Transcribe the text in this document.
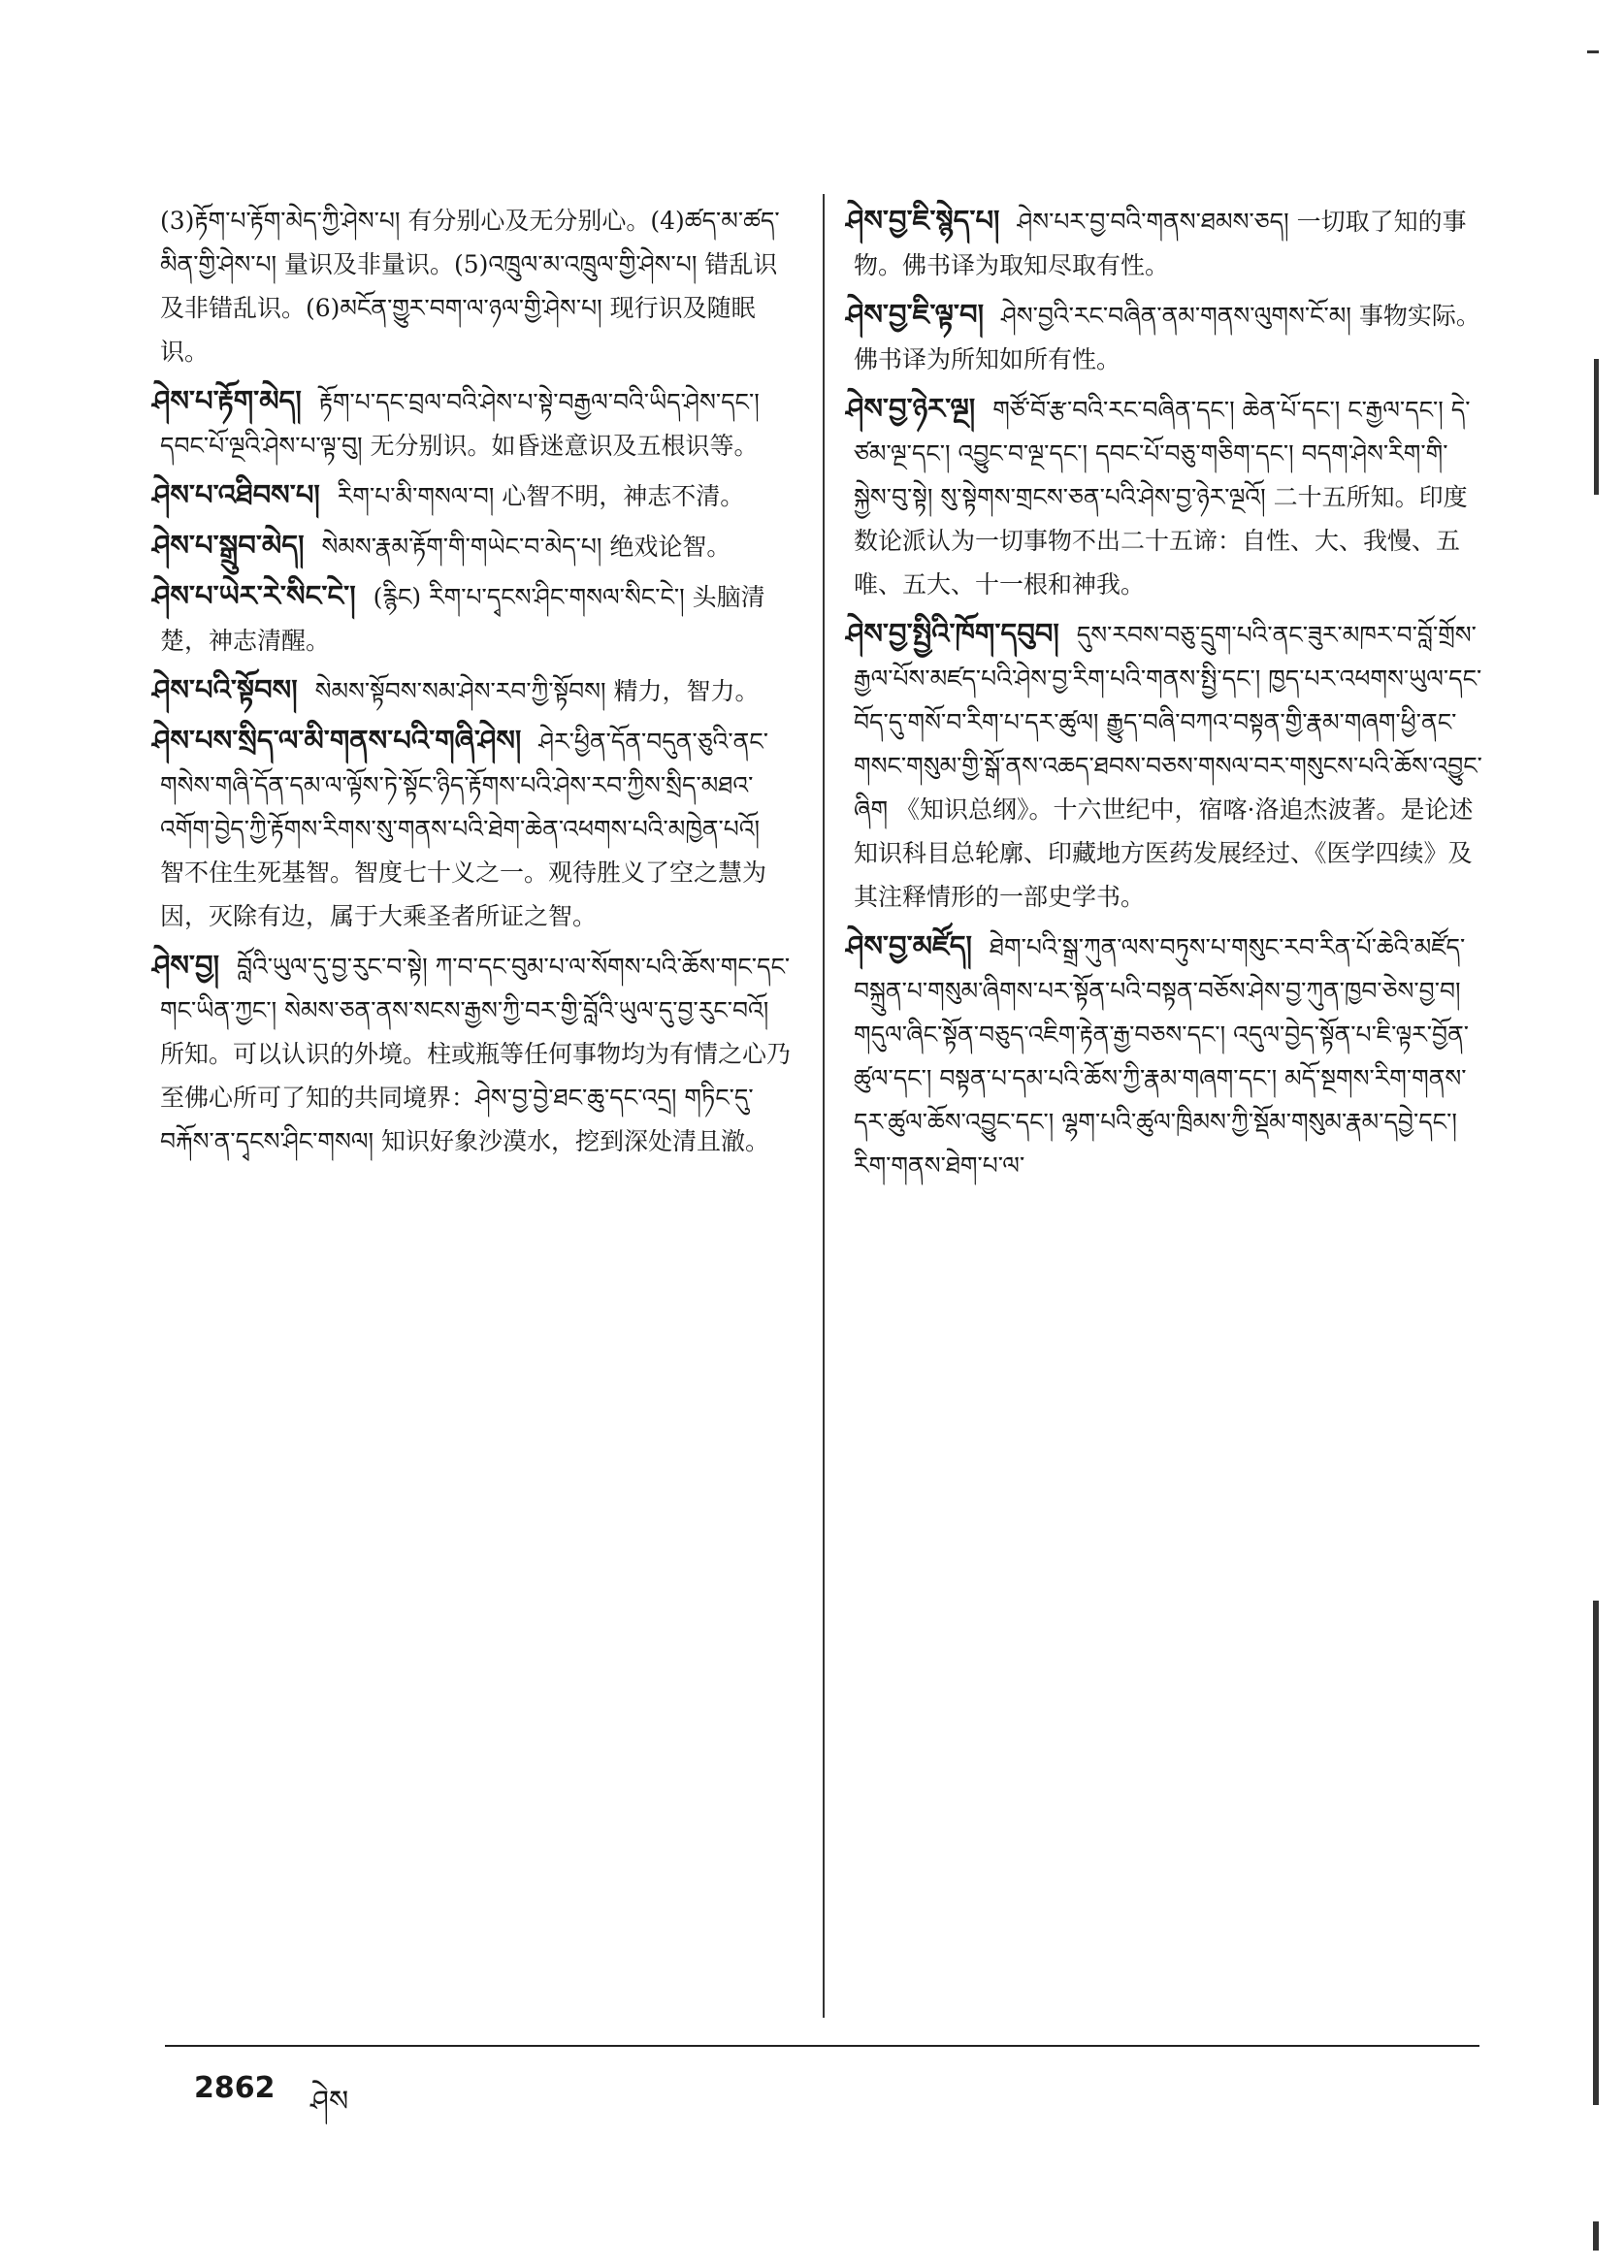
(3)རྟོག་པ་རྟོག་མེད་ཀྱི་ཤེས་པ། 有分别心及无分别心。(4)ཚད་མ་ཚད་མིན་གྱི་ཤེས་པ། 量识及非量识。(5)འཁྲུལ་མ་འཁྲུལ་གྱི་ཤེས་པ། 错乱识及非错乱识。(6)མངོན་གྱུར་བག་ལ་ཉལ་གྱི་ཤེས་པ། 现行识及随眠识。
ཤེས་པ་རྟོག་མེད། རྟོག་པ་དང་བྲལ་བའི་ཤེས་པ་སྟེ་བརྒྱལ་བའི་ཡིད་ཤེས་དང་། དབང་པོ་ལྔའི་ཤེས་པ་ལྟ་བུ། 无分别识。如昏迷意识及五根识等。
ཤེས་པ་འཐིབས་པ། རིག་པ་མི་གསལ་བ། 心智不明，神志不清。
ཤེས་པ་སྒྲུབ་མེད། སེམས་རྣམ་རྟོག་གི་གཡེང་བ་མེད་པ། 绝戏论智。
ཤེས་པ་ཡེར་རེ་སིང་ངེ་། (རྙིང) རིག་པ་དྭངས་ཤིང་གསལ་སིང་ངེ་། 头脑清楚，神志清醒。
ཤེས་པའི་སྟོབས། སེམས་སྟོབས་སམ་ཤེས་རབ་ཀྱི་སྟོབས། 精力，智力。
ཤེས་པས་སྲིད་ལ་མི་གནས་པའི་གཞི་ཤེས། ཤེར་ཕྱིན་དོན་བདུན་ཅུའི་ནང་གསེས་གཞི་དོན་དམ་ལ་ལྟོས་ཏེ་སྟོང་ཉིད་རྟོགས་པའི་ཤེས་རབ་ཀྱིས་སྲིད་མཐའ་འགོག་བྱེད་ཀྱི་རྟོགས་རིགས་སུ་གནས་པའི་ཐེག་ཆེན་འཕགས་པའི་མཁྱེན་པའོ། 智不住生死基智。智度七十义之一。观待胜义了空之慧为因，灭除有边，属于大乘圣者所证之智。
ཤེས་བྱ། བློའི་ཡུལ་དུ་བྱ་རུང་བ་སྟེ། ཀ་བ་དང་བུམ་པ་ལ་སོགས་པའི་ཆོས་གང་དང་གང་ཡིན་ཀྱང་། སེམས་ཅན་ནས་སངས་རྒྱས་ཀྱི་བར་གྱི་བློའི་ཡུལ་དུ་བྱ་རུང་བའོ། 所知。可以认识的外境。柱或瓶等任何事物均为有情之心乃至佛心所可了知的共同境界：ཤེས་བྱ་བྱེ་ཐང་ཆུ་དང་འདྲ། གཏིང་དུ་བརྐོས་ན་དྭངས་ཤིང་གསལ། 知识好象沙漠水，挖到深处清且澈。
ཤེས་བྱ་ཇི་སྙེད་པ། ཤེས་པར་བྱ་བའི་གནས་ཐམས་ཅད། 一切取了知的事物。佛书译为取知尽取有性。
ཤེས་བྱ་ཇི་ལྟ་བ། ཤེས་བྱའི་རང་བཞིན་ནམ་གནས་ལུགས་ངོ་མ། 事物实际。佛书译为所知如所有性。
ཤེས་བྱ་ཉེར་ལྔ། གཙོ་བོ་རྩ་བའི་རང་བཞིན་དང་། ཆེན་པོ་དང་། ང་རྒྱལ་དང་། དེ་ཙམ་ལྔ་དང་། འབྱུང་བ་ལྔ་དང་། དབང་པོ་བཅུ་གཅིག་དང་། བདག་ཤེས་རིག་གི་སྐྱེས་བུ་སྟེ། སུ་སྟེགས་གྲངས་ཅན་པའི་ཤེས་བྱ་ཉེར་ལྔའོ། 二十五所知。印度数论派认为一切事物不出二十五谛：自性、大、我慢、五唯、五大、十一根和神我。
ཤེས་བྱ་སྤྱིའི་ཁོག་དབུབ། དུས་རབས་བཅུ་དྲུག་པའི་ནང་ཟུར་མཁར་བ་བློ་གྲོས་རྒྱལ་པོས་མཛད་པའི་ཤེས་བྱ་རིག་པའི་གནས་སྤྱི་དང་། ཁྱད་པར་འཕགས་ཡུལ་དང་བོད་དུ་གསོ་བ་རིག་པ་དར་ཚུལ། རྒྱུད་བཞི་བཀའ་བསྟན་གྱི་རྣམ་གཞག་ཕྱི་ནང་གསང་གསུམ་གྱི་སྒོ་ནས་འཆད་ཐབས་བཅས་གསལ་བར་གསུངས་པའི་ཆོས་འབྱུང་ཞིག 《知识总纲》。十六世纪中，宿喀·洛追杰波著。是论述知识科目总轮廓、印藏地方医药发展经过、《医学四续》及其注释情形的一部史学书。
ཤེས་བྱ་མཛོད། ཐེག་པའི་སྒྲ་ཀུན་ལས་བཏུས་པ་གསུང་རབ་རིན་པོ་ཆེའི་མཛོད་བསྐྲུན་པ་གསུམ་ཞིགས་པར་སྟོན་པའི་བསྟན་བཅོས་ཤེས་བྱ་ཀུན་ཁྱབ་ཅེས་བྱ་བ། གདུལ་ཞིང་སྟོན་བཅུད་འཇིག་རྟེན་རྒྱ་བཅས་དང་། འདུལ་བྱེད་སྟོན་པ་ཇི་ལྟར་བྱོན་ཚུལ་དང་། བསྟན་པ་དམ་པའི་ཆོས་ཀྱི་རྣམ་གཞག་དང་། མདོ་སྔགས་རིག་གནས་དར་ཚུལ་ཆོས་འབྱུང་དང་། ལྷག་པའི་ཚུལ་ཁྲིམས་ཀྱི་སྡོམ་གསུམ་རྣམ་དབྱེ་དང་། རིག་གནས་ཐེག་པ་ལ་
2862 ཤེས
